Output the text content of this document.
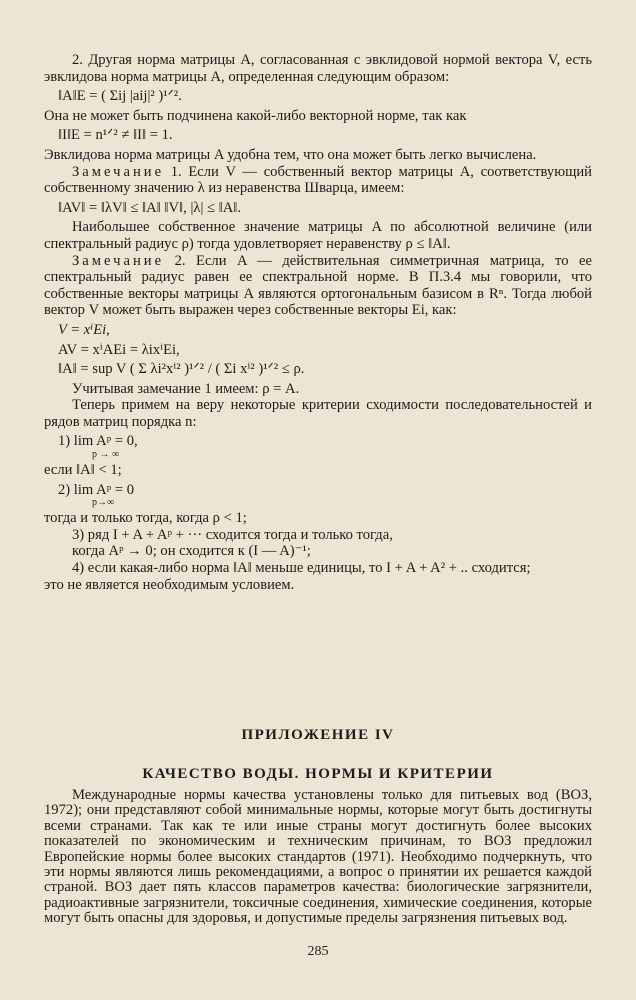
2. Другая норма матрицы A, согласованная с эвклидовой нормой вектора V, есть эвклидова норма матрицы A, определенная следующим образом:

‖A‖E = ( Σij |aij|² )¹ᐟ².

Она не может быть подчинена какой-либо векторной норме, так как

‖I‖E = n¹ᐟ² ≠ ‖I‖ = 1.

Эвклидова норма матрицы A удобна тем, что она может быть легко вычислена.

Замечание 1. Если V — собственный вектор матрицы A, соответствующий собственному значению λ из неравенства Шварца, имеем:

‖AV‖ = ‖λV‖ ≤ ‖A‖ ‖V‖, |λ| ≤ ‖A‖.

Наибольшее собственное значение матрицы A по абсолютной величине (или спектральный радиус ρ) тогда удовлетворяет неравенству ρ ≤ ‖A‖.

Замечание 2. Если A — действительная симметричная матрица, то ее спектральный радиус равен ее спектральной норме. В П.3.4 мы говорили, что собственные векторы матрицы A являются ортогональным базисом в Rⁿ. Тогда любой вектор V может быть выражен через собственные векторы Ei, как:

V = xⁱEi,

AV = xⁱAEi = λixⁱEi,

‖A‖ = sup V ( Σ λi²xⁱ² )¹ᐟ² / ( Σi xⁱ² )¹ᐟ² ≤ ρ.

Учитывая замечание 1 имеем: ρ = A.

Теперь примем на веру некоторые критерии сходимости последовательностей и рядов матриц порядка n:

1) lim Aᵖ = 0,

p → ∞

если ‖A‖ < 1;

2) lim Aᵖ = 0

p→∞

тогда и только тогда, когда ρ < 1;

3) ряд I + A + Aᵖ + ··· сходится тогда и только тогда,

когда Aᵖ → 0; он сходится к (I — A)⁻¹;

4) если какая-либо норма ‖A‖ меньше единицы, то I + A + A² + .. сходится;

это не является необходимым условием.

ПРИЛОЖЕНИЕ IV

КАЧЕСТВО ВОДЫ. НОРМЫ И КРИТЕРИИ

Международные нормы качества установлены только для питьевых вод (ВОЗ, 1972); они представляют собой минимальные нормы, которые могут быть достигнуты всеми странами. Так как те или иные страны могут достигнуть более высоких показателей по экономическим и техническим причинам, то ВОЗ предложил Европейские нормы более высоких стандартов (1971). Необходимо подчеркнуть, что эти нормы являются лишь рекомендациями, а вопрос о принятии их решается каждой страной. ВОЗ дает пять классов параметров качества: биологические загрязнители, радиоактивные загрязнители, токсичные соединения, химические соединения, которые могут быть опасны для здоровья, и допустимые пределы загрязнения питьевых вод.

285
